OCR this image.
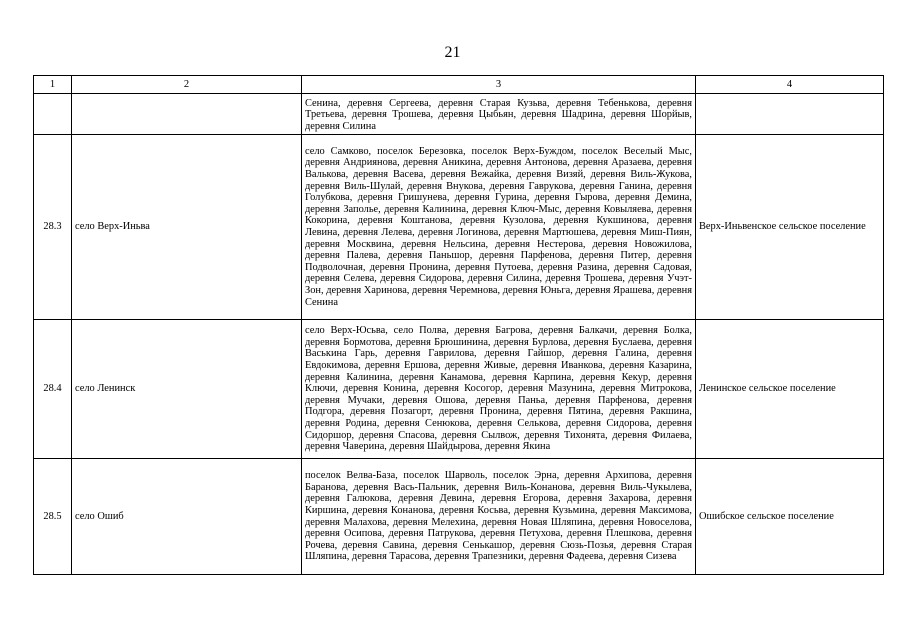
21
1	2	3	4
		Сенина, деревня Сергеева, деревня Старая Кузьва, деревня Тебенькова, деревня Третьева, деревня Трошева, деревня Цыбьян, деревня Шадрина, деревня Шорйыв, деревня Силина	
28.3	село Верх-Иньва	село Самково, поселок Березовка, поселок Верх-Буждом, поселок Веселый Мыс, деревня Андриянова, деревня Аникина, деревня Антонова, деревня Аразаева, деревня Валькова, деревня Васева, деревня Вежайка, деревня Визяй, деревня Виль-Жукова, деревня Виль-Шулай, деревня Внукова, деревня Гаврукова, деревня Ганина, деревня Голубкова, деревня Гришунева, деревня Гурина, деревня Гырова, деревня Демина, деревня Заполье, деревня Калинина, деревня Ключ-Мыс, деревня Ковыляева, деревня Кокорина, деревня Коштанова, деревня Кузолова, деревня Кукшинова, деревня Левина, деревня Лелева, деревня Логинова, деревня Мартюшева, деревня Миш-Пиян, деревня Москвина, деревня Нельсина, деревня Нестерова, деревня Новожилова, деревня Палева, деревня Паньшор, деревня Парфенова, деревня Питер, деревня Подволочная, деревня Пронина, деревня Путоева, деревня Разина, деревня Садовая, деревня Селева, деревня Сидорова, деревня Силина, деревня Трошева, деревня Учэт-Зон, деревня Харинова, деревня Черемнова, деревня Юньга, деревня Ярашева, деревня Сенина	Верх-Иньвенское сельское поселение
28.4	село Ленинск	село Верх-Юсьва, село Полва, деревня Багрова, деревня Балкачи, деревня Болка, деревня Бормотова, деревня Брюшинина, деревня Бурлова, деревня Буслаева, деревня Васькина Гарь, деревня Гаврилова, деревня Гайшор, деревня Галина, деревня Евдокимова, деревня Ершова, деревня Живые, деревня Иванкова, деревня Казарина, деревня Калинина, деревня Канамова, деревня Карпина, деревня Кекур, деревня Ключи, деревня Конина, деревня Косогор, деревня Мазунина, деревня Митрокова, деревня Мучаки, деревня Ошова, деревня Паньа, деревня Парфенова, деревня Подгора, деревня Позагорт, деревня Пронина, деревня Пятина, деревня Ракшина, деревня Родина, деревня Сенюкова, деревня Селькова, деревня Сидорова, деревня Сидоршор, деревня Спасова, деревня Сылвож, деревня Тихонята, деревня Филаева, деревня Чаверина, деревня Шайдырова, деревня Якина	Ленинское сельское поселение
28.5	село Ошиб	поселок Велва-База, поселок Шарволь, поселок Эрна, деревня Архипова, деревня Баранова, деревня Вась-Пальник, деревня Виль-Конанова, деревня Виль-Чукылева, деревня Галюкова, деревня Девина, деревня Егорова, деревня Захарова, деревня Киршина, деревня Конанова, деревня Косьва, деревня Кузьмина, деревня Максимова, деревня Малахова, деревня Мелехина, деревня Новая Шляпина, деревня Новоселова, деревня Осипова, деревня Патрукова, деревня Петухова, деревня Плешкова, деревня Рочева, деревня Савина, деревня Сенькашор, деревня Сюзь-Позья, деревня Старая Шляпина, деревня Тарасова, деревня Трапезники, деревня Фадеева, деревня Сизева	Ошибское сельское поселение
